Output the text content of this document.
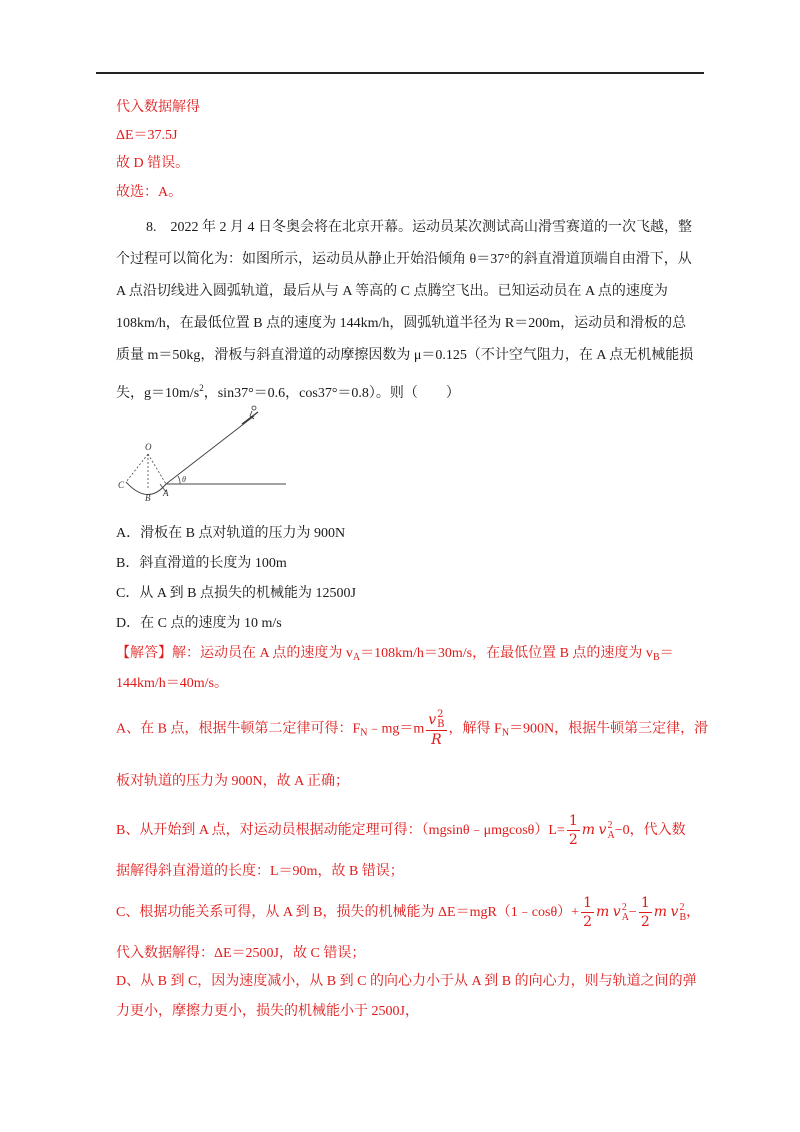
代入数据解得
ΔE＝37.5J
故 D 错误。
故选：A。
8.　2022 年 2 月 4 日冬奥会将在北京开幕。运动员某次测试高山滑雪赛道的一次飞越，整
个过程可以简化为：如图所示，运动员从静止开始沿倾角 θ＝37°的斜直滑道顶端自由滑下，从
A 点沿切线进入圆弧轨道，最后从与 A 等高的 C 点腾空飞出。已知运动员在 A 点的速度为
108km/h，在最低位置 B 点的速度为 144km/h，圆弧轨道半径为 R＝200m，运动员和滑板的总
质量 m＝50kg，滑板与斜直滑道的动摩擦因数为 μ＝0.125（不计空气阻力，在 A 点无机械能损
失，$g=10m/s^2$，sin37°＝0.6，cos37°＝0.8）。则（　　）
O
C
B A
θ
A．滑板在 B 点对轨道的压力为 900N
B．斜直滑道的长度为 100m
C．从 A 到 B 点损失的机械能为 12500J
D．在 C 点的速度为 10 m/s
【解答】解：运动员在 A 点的速度为 $v_A=108km/h=30m/s$，在最低位置 B 点的速度为 $v_B=$
144km/h＝40m/s。
A、在 B 点，根据牛顿第二定律可得：$F_N﹣mg=m$ v 2
B
R ，解得 $F_N=900N$，根据牛顿第三定律，滑
板对轨道的压力为 900N，故 A 正确；
B、从开始到 A 点，对运动员根据动能定理可得：（mgsinθ﹣μmgcosθ）L= $\frac{1}{2}$ m v 2
A −0，代入数
据解得斜直滑道的长度：L＝90m，故 B 错误；
C、根据功能关系可得，从 A 到 B，损失的机械能为 ΔE＝mgR（1﹣cosθ）+ $\frac{1}{2}$ m v 2
$A - \frac{1}{2}$ m v 2
B ，
代入数据解得：ΔE＝2500J，故 C 错误；
D、从 B 到 C，因为速度减小，从 B 到 C 的向心力小于从 A 到 B 的向心力，则与轨道之间的弹
力更小，摩擦力更小，损失的机械能小于 2500J，
